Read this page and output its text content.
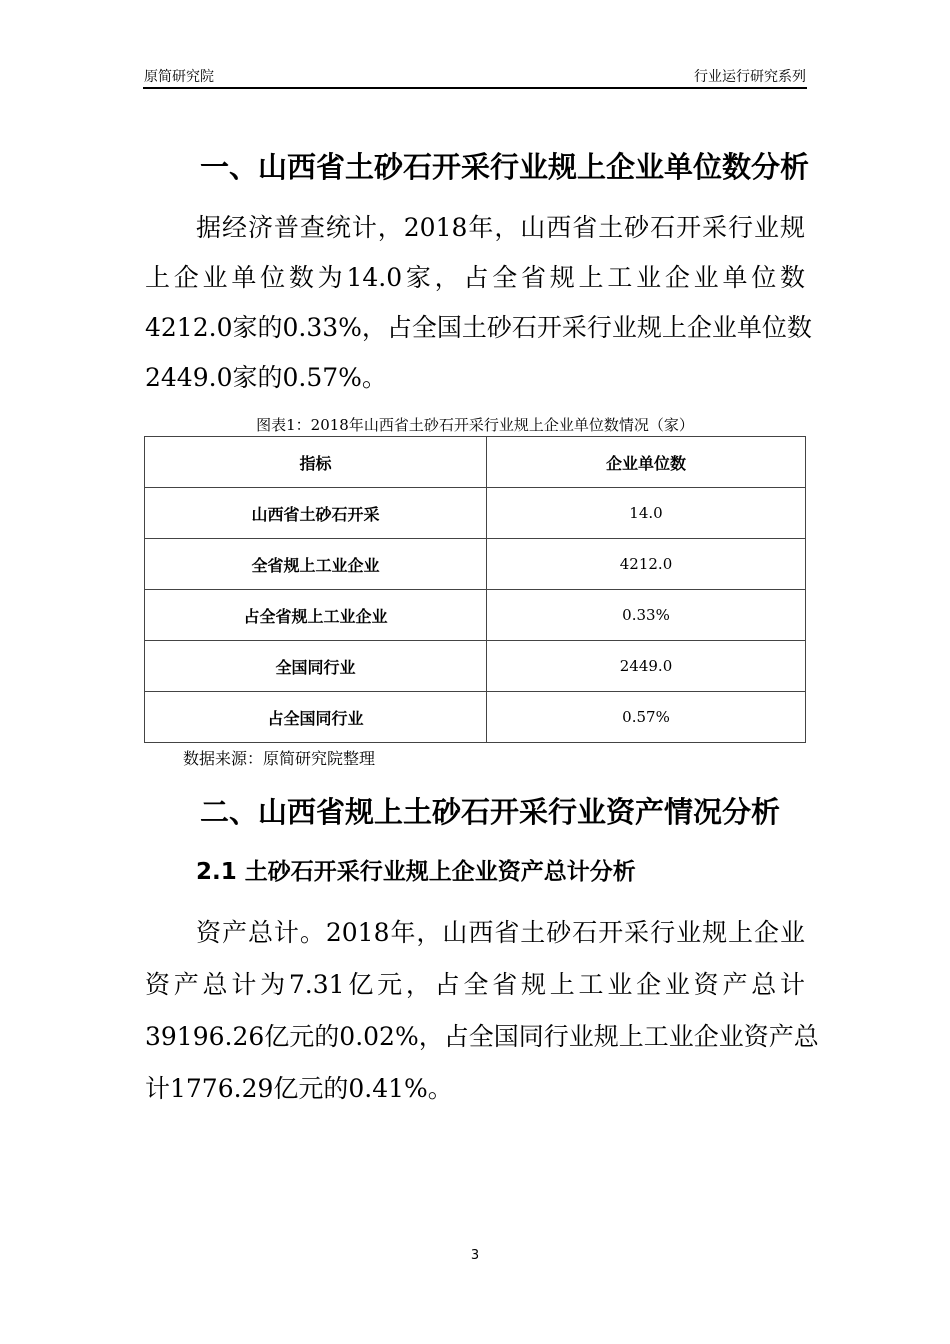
原简研究院	行业运行研究系列
一、山西省土砂石开采行业规上企业单位数分析
据经济普查统计，2018年，山西省土砂石开采行业规
上企业单位数为14.0家，占全省规上工业企业单位数
4212.0家的0.33%，占全国土砂石开采行业规上企业单位数
2449.0家的0.57%。
图表1：2018年山西省土砂石开采行业规上企业单位数情况（家）
指标	企业单位数
山西省土砂石开采	14.0
全省规上工业企业	4212.0
占全省规上工业企业	0.33%
全国同行业	2449.0
占全国同行业	0.57%
数据来源：原简研究院整理
二、山西省规上土砂石开采行业资产情况分析
2.1 土砂石开采行业规上企业资产总计分析
资产总计。2018年，山西省土砂石开采行业规上企业
资产总计为7.31亿元，占全省规上工业企业资产总计
39196.26亿元的0.02%，占全国同行业规上工业企业资产总
计1776.29亿元的0.41%。
3
